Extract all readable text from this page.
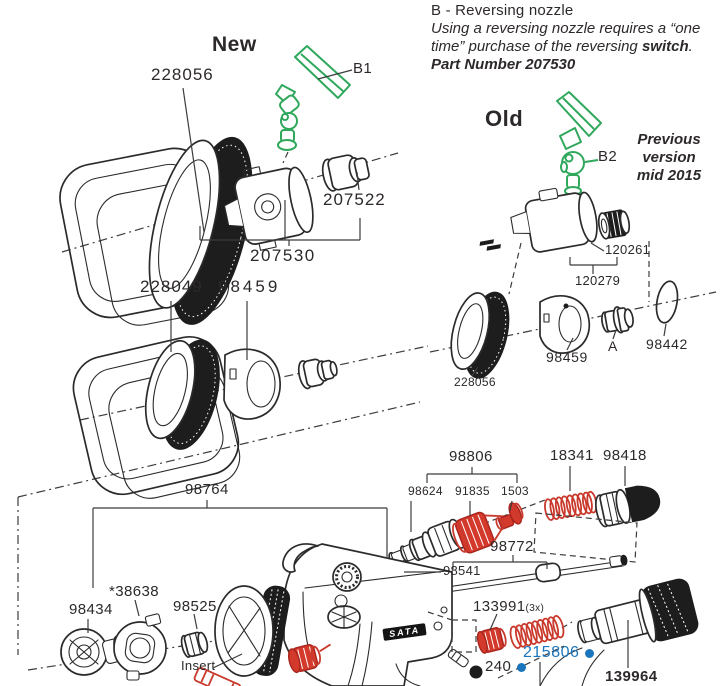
B - Reversing nozzle
Using a reversing nozzle requires a “one
time” purchase of the reversing switch.
Part Number 207530
New
Old
Previous
version
mid 2015
228056	B1
207522
207530
228049 98459
B2
120261
120279
98459
A 98442
228056
98806	18341 98418
98624 91835 1503
98772
98541
98764
98434
*38638
98525
Insert
133991(3x)
215806
240
139964
SATA
